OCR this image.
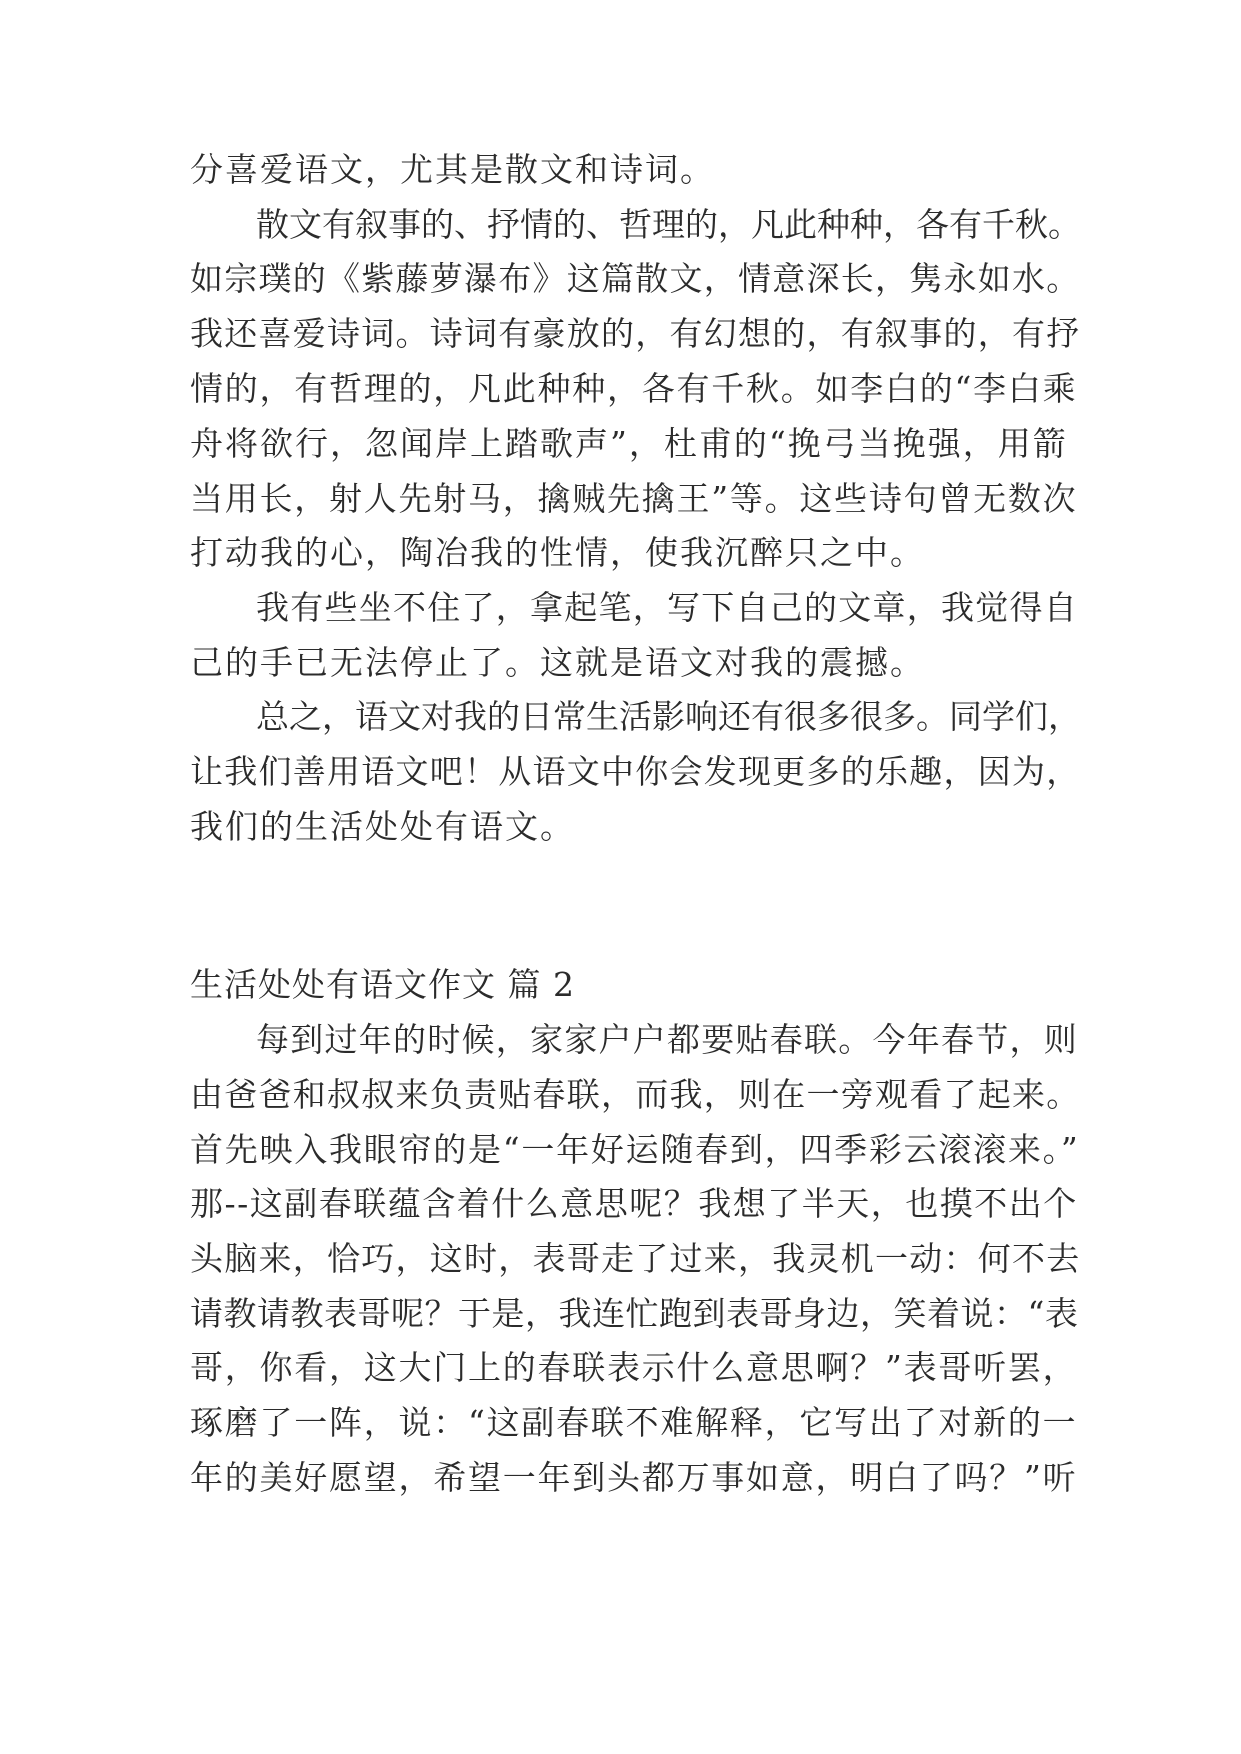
分喜爱语文，尤其是散文和诗词。

散文有叙事的、抒情的、哲理的，凡此种种，各有千秋。

如宗璞的《紫藤萝瀑布》这篇散文，情意深长，隽永如水。

我还喜爱诗词。诗词有豪放的，有幻想的，有叙事的，有抒

情的，有哲理的，凡此种种，各有千秋。如李白的“李白乘

舟将欲行，忽闻岸上踏歌声”，杜甫的“挽弓当挽强，用箭

当用长，射人先射马，擒贼先擒王”等。这些诗句曾无数次

打动我的心，陶冶我的性情，使我沉醉只之中。

我有些坐不住了，拿起笔，写下自己的文章，我觉得自

己的手已无法停止了。这就是语文对我的震撼。

总之，语文对我的日常生活影响还有很多很多。同学们，

让我们善用语文吧！从语文中你会发现更多的乐趣，因为，

我们的生活处处有语文。

生活处处有语文作文 篇 2

每到过年的时候，家家户户都要贴春联。今年春节，则

由爸爸和叔叔来负责贴春联，而我，则在一旁观看了起来。

首先映入我眼帘的是“一年好运随春到，四季彩云滚滚来。”

那--这副春联蕴含着什么意思呢？我想了半天，也摸不出个

头脑来，恰巧，这时，表哥走了过来，我灵机一动：何不去

请教请教表哥呢？于是，我连忙跑到表哥身边，笑着说：“表

哥，你看，这大门上的春联表示什么意思啊？”表哥听罢，

琢磨了一阵，说：“这副春联不难解释，它写出了对新的一

年的美好愿望，希望一年到头都万事如意，明白了吗？”听
